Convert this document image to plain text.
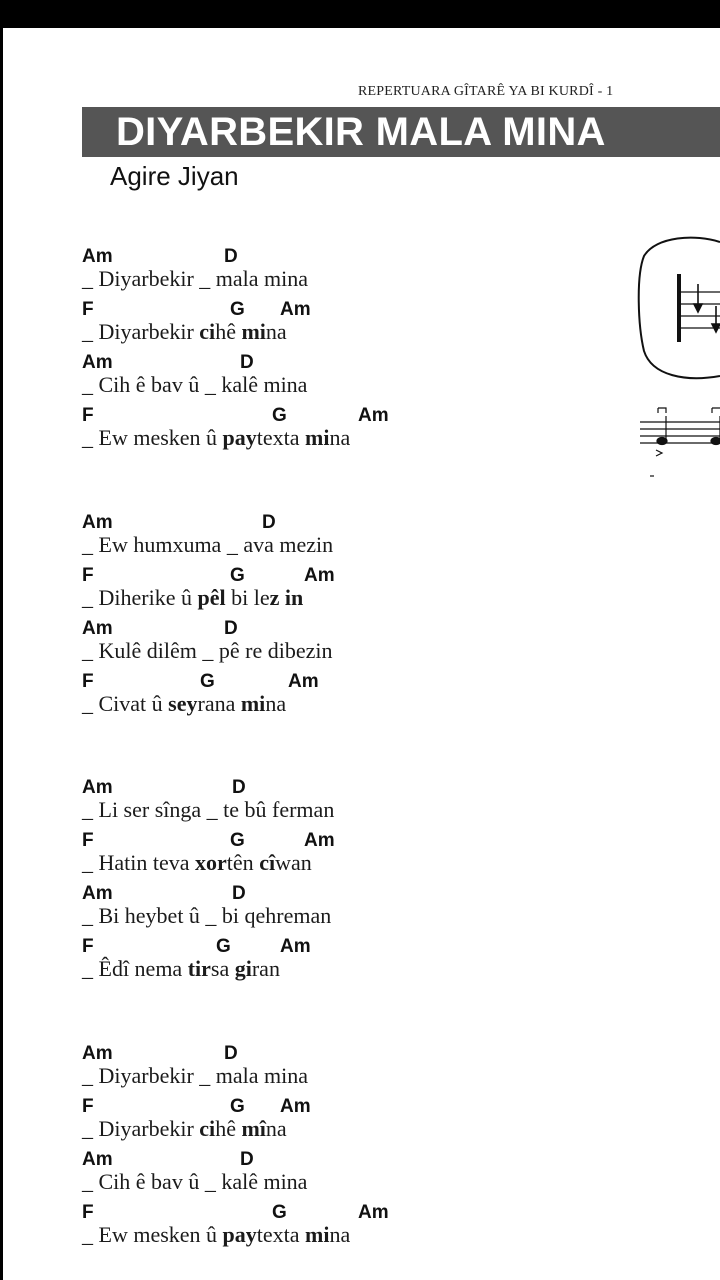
REPERTUARA GÎTARÊ YA BI KURDÎ - 1
DIYARBEKIR MALA MINA
Agire Jiyan
Am	D
_ Diyarbekir _ mala mina
F	G Am
_ Diyarbekir cihê mina
Am	D
_ Cih ê bav û _ kalê mina
F	G	Am
_ Ew mesken û paytexta mina
Am	D
_ Ew humxuma _ ava mezin
F	G	Am
_ Diherike û pêl bi lez in
Am	D
_ Kulê dilêm _ pê re dibezin
F	G	Am
_ Civat û seyrana mina
Am	D
_ Li ser sînga _ te bû ferman
F	G	Am
_ Hatin teva xortên cîwan
Am	D
_ Bi heybet û _ bi qehreman
F	G	Am
_ Êdî nema tirsa giran
Am	D
_ Diyarbekir _ mala mina
F	G Am
_ Diyarbekir cihê mîna
Am	D
_ Cih ê bav û _ kalê mina
F	G	Am
_ Ew mesken û paytexta mina
